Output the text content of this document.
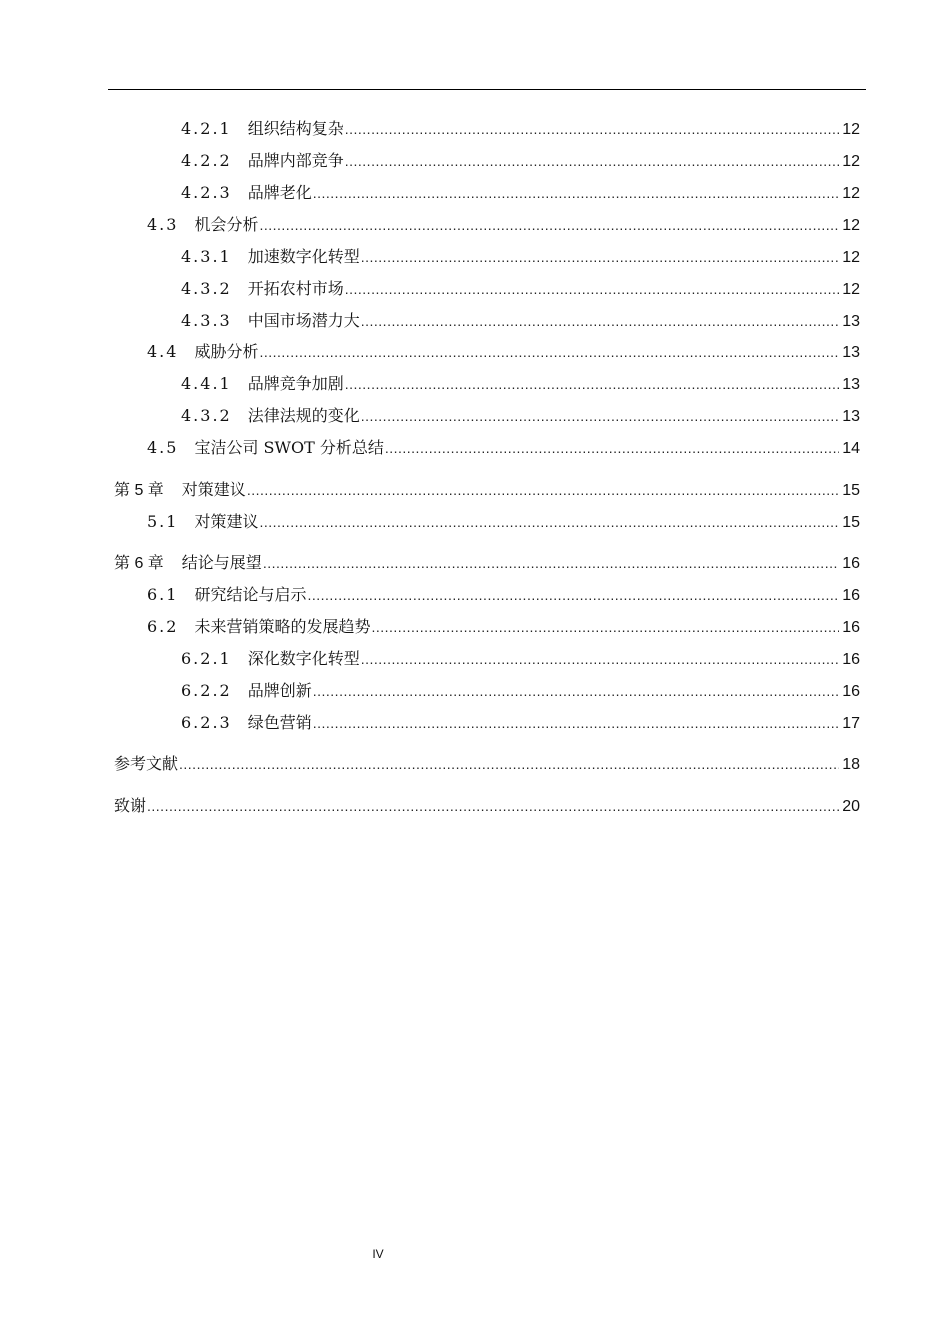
4.2.1 组织结构复杂 .....	12
4.2.2 品牌内部竞争 .....	12
4.2.3 品牌老化 .....	12
4.3 机会分析 .....	12
4.3.1 加速数字化转型 .....	12
4.3.2 开拓农村市场 .....	12
4.3.3 中国市场潜力大 .....	13
4.4 威胁分析 .....	13
4.4.1 品牌竞争加剧 .....	13
4.3.2 法律法规的变化 .....	13
4.5 宝洁公司 SWOT 分析总结 .....	14
第 5 章 对策建议 .....	15
5.1 对策建议 .....	15
第 6 章 结论与展望 .....	16
6.1 研究结论与启示 .....	16
6.2 未来营销策略的发展趋势 .....	16
6.2.1 深化数字化转型 .....	16
6.2.2 品牌创新 .....	16
6.2.3 绿色营销 .....	17
参考文献 .....	18
致谢 .....	20
IV
